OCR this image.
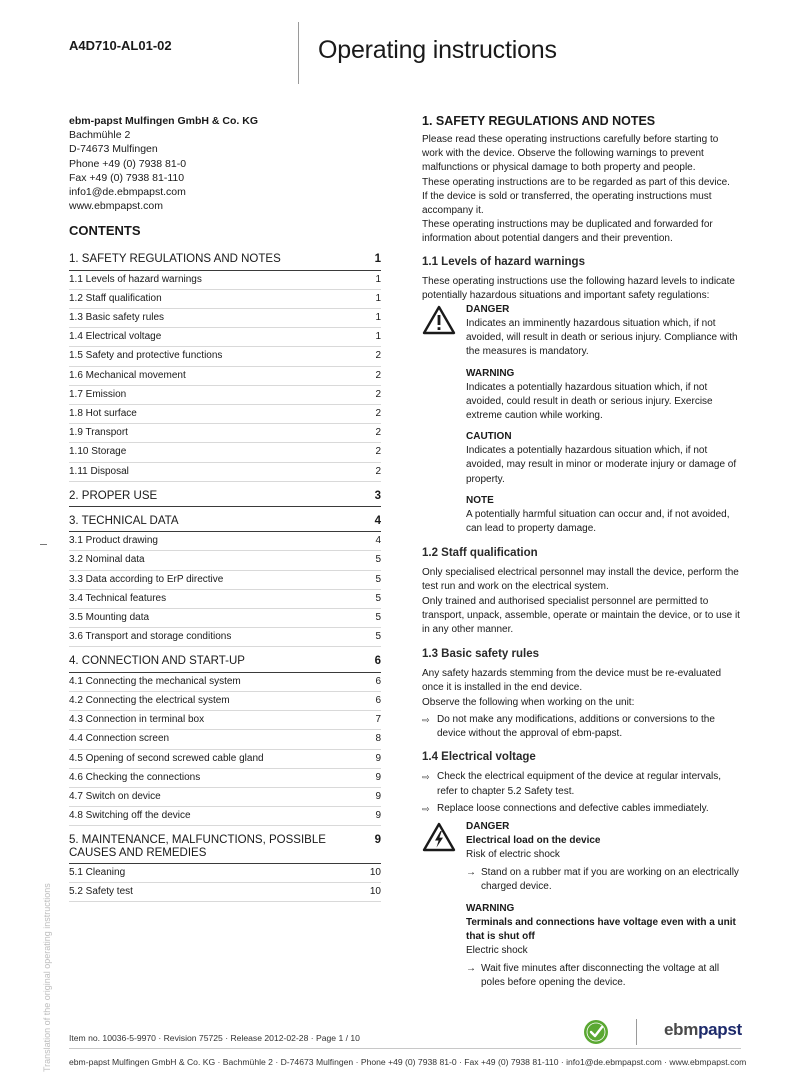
A4D710-AL01-02	Operating instructions
Translation of the original operating instructions
ebm-papst Mulfingen GmbH & Co. KG
Bachmühle 2
D-74673 Mulfingen
Phone +49 (0) 7938 81-0
Fax +49 (0) 7938 81-110
info1@de.ebmpapst.com
www.ebmpapst.com
CONTENTS
1. SAFETY REGULATIONS AND NOTES	1
1.1 Levels of hazard warnings	1
1.2 Staff qualification	1
1.3 Basic safety rules	1
1.4 Electrical voltage	1
1.5 Safety and protective functions	2
1.6 Mechanical movement	2
1.7 Emission	2
1.8 Hot surface	2
1.9 Transport	2
1.10 Storage	2
1.11 Disposal	2
2. PROPER USE	3
3. TECHNICAL DATA	4
3.1 Product drawing	4
3.2 Nominal data	5
3.3 Data according to ErP directive	5
3.4 Technical features	5
3.5 Mounting data	5
3.6 Transport and storage conditions	5
4. CONNECTION AND START-UP	6
4.1 Connecting the mechanical system	6
4.2 Connecting the electrical system	6
4.3 Connection in terminal box	7
4.4 Connection screen	8
4.5 Opening of second screwed cable gland	9
4.6 Checking the connections	9
4.7 Switch on device	9
4.8 Switching off the device	9
5. MAINTENANCE, MALFUNCTIONS, POSSIBLE CAUSES AND REMEDIES
9
5.1 Cleaning	10
5.2 Safety test	10
1. SAFETY REGULATIONS AND NOTES

Please read these operating instructions carefully before starting to work with the device. Observe the following warnings to prevent malfunctions or physical damage to both property and people.

These operating instructions are to be regarded as part of this device.

If the device is sold or transferred, the operating instructions must accompany it.

These operating instructions may be duplicated and forwarded for information about potential dangers and their prevention.

1.1 Levels of hazard warnings

These operating instructions use the following hazard levels to indicate potentially hazardous situations and important safety regulations:

DANGER
Indicates an imminently hazardous situation which, if not avoided, will result in death or serious injury. Compliance with the measures is mandatory.
WARNING
Indicates a potentially hazardous situation which, if not avoided, could result in death or serious injury. Exercise extreme caution while working.
CAUTION
Indicates a potentially hazardous situation which, if not avoided, may result in minor or moderate injury or damage of property.
NOTE
A potentially harmful situation can occur and, if not avoided, can lead to property damage.
1.2 Staff qualification

Only specialised electrical personnel may install the device, perform the test run and work on the electrical system.

Only trained and authorised specialist personnel are permitted to transport, unpack, assemble, operate or maintain the device, or to use it in any other manner.

1.3 Basic safety rules

Any safety hazards stemming from the device must be re-evaluated once it is installed in the end device.

Observe the following when working on the unit:

⇨ Do not make any modifications, additions or conversions to the device without the approval of ebm-papst.
1.4 Electrical voltage
⇨ Check the electrical equipment of the device at regular intervals, refer to chapter 5.2 Safety test.
⇨ Replace loose connections and defective cables immediately.
DANGER
Electrical load on the device
Risk of electric shock
→ Stand on a rubber mat if you are working on an electrically charged device.
WARNING
Terminals and connections have voltage even with a unit that is shut off
Electric shock
→ Wait five minutes after disconnecting the voltage at all poles before opening the device.
Item no. 10036-5-9970 · Revision 75725 · Release 2012-02-28 · Page 1 / 10	ebmpapst
ebm-papst Mulfingen GmbH & Co. KG · Bachmühle 2 · D-74673 Mulfingen · Phone +49 (0) 7938 81-0 · Fax +49 (0) 7938 81-110 · info1@de.ebmpapst.com · www.ebmpapst.com
